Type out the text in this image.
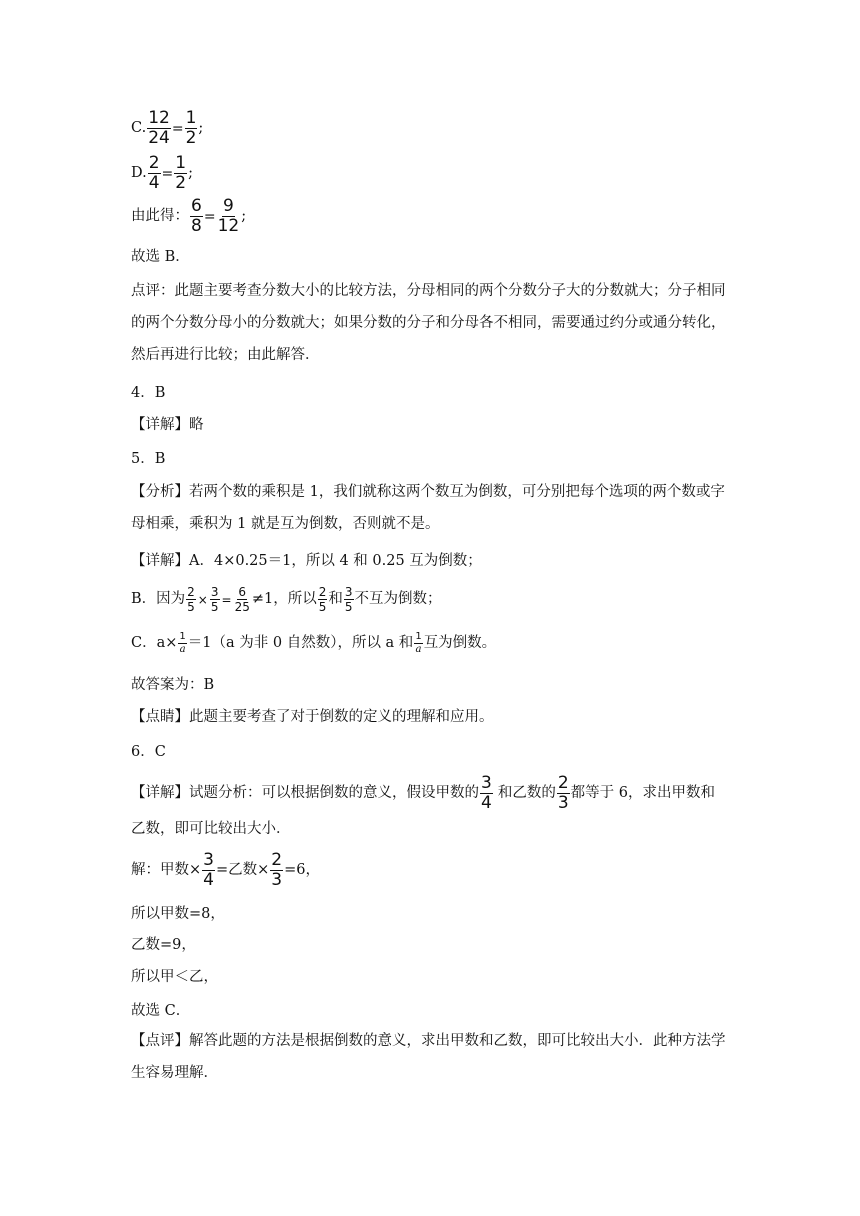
C. $\frac{12}{24} = \frac{1}{2}$ ;
D. $\frac{2}{4} = \frac{1}{2}$ ;
由此得： $\frac{6}{8} = \frac{9}{12}$ ;
故选 B．
点评：此题主要考查分数大小的比较方法，分母相同的两个分数分子大的分数就大；分子相同的两个分数分母小的分数就大；如果分数的分子和分母各不相同，需要通过约分或通分转化，然后再进行比较；由此解答．
4．B
【详解】略
5．B
【分析】若两个数的乘积是 1，我们就称这两个数互为倒数，可分别把每个选项的两个数或字母相乘，乘积为 1 就是互为倒数，否则就不是。
【详解】A．4×0.25＝1，所以 4 和 0.25 互为倒数；
B．因为 $\frac{2}{5} \times \frac{3}{5} = \frac{6}{25} \ne 1$，所以 $\frac{2}{5}$ 和 $\frac{3}{5}$ 不互为倒数；
C．$a\times \frac{1}{a} =1(a$ 为非 0 自然数），所以 a 和 $\frac{1}{a}$ 互为倒数。
故答案为：B
【点睛】此题主要考查了对于倒数的定义的理解和应用。
6．C
【详解】试题分析：可以根据倒数的意义，假设甲数的 $\frac{3}{4}$ 和乙数的 $\frac{2}{3}$ 都等于 6，求出甲数和
乙数，即可比较出大小．
解：甲数× $\frac{3}{4}$ =乙数× $\frac{2}{3} =6$，
所以甲数=8，
乙数=9，
所以甲＜乙，
故选 C．
【点评】解答此题的方法是根据倒数的意义，求出甲数和乙数，即可比较出大小．此种方法学生容易理解．
